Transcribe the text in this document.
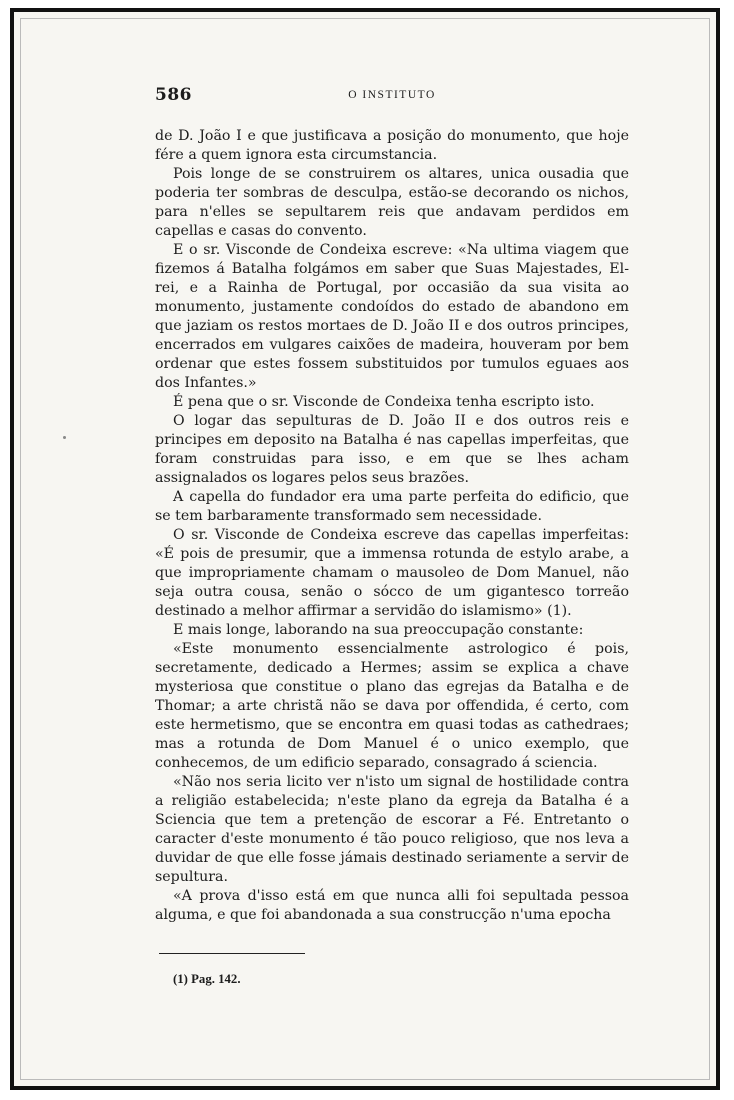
586	O INSTITUTO

de D. João I e que justificava a posição do monumento, que hoje fére a quem ignora esta circumstancia.

Pois longe de se construirem os altares, unica ousadia que poderia ter sombras de desculpa, estão-se decorando os nichos, para n'elles se sepultarem reis que andavam perdidos em capellas e casas do convento.

E o sr. Visconde de Condeixa escreve: «Na ultima viagem que fizemos á Batalha folgámos em saber que Suas Majestades, El-rei, e a Rainha de Portugal, por occasião da sua visita ao monumento, justamente condoídos do estado de abandono em que jaziam os restos mortaes de D. João II e dos outros principes, encerrados em vulgares caixões de madeira, houveram por bem ordenar que estes fossem substituidos por tumulos eguaes aos dos Infantes.»

É pena que o sr. Visconde de Condeixa tenha escripto isto.

O logar das sepulturas de D. João II e dos outros reis e principes em deposito na Batalha é nas capellas imperfeitas, que foram construidas para isso, e em que se lhes acham assignalados os logares pelos seus brazões.

A capella do fundador era uma parte perfeita do edificio, que se tem barbaramente transformado sem necessidade.

O sr. Visconde de Condeixa escreve das capellas imperfeitas: «É pois de presumir, que a immensa rotunda de estylo arabe, a que impropriamente chamam o mausoleo de Dom Manuel, não seja outra cousa, senão o sócco de um gigantesco torreão destinado a melhor affirmar a servidão do islamismo» (1).

E mais longe, laborando na sua preoccupação constante:

«Este monumento essencialmente astrologico é pois, secretamente, dedicado a Hermes; assim se explica a chave mysteriosa que constitue o plano das egrejas da Batalha e de Thomar; a arte christã não se dava por offendida, é certo, com este hermetismo, que se encontra em quasi todas as cathedraes; mas a rotunda de Dom Manuel é o unico exemplo, que conhecemos, de um edificio separado, consagrado á sciencia.

«Não nos seria licito ver n'isto um signal de hostilidade contra a religião estabelecida; n'este plano da egreja da Batalha é a Sciencia que tem a pretenção de escorar a Fé. Entretanto o caracter d'este monumento é tão pouco religioso, que nos leva a duvidar de que elle fosse jámais destinado seriamente a servir de sepultura.

«A prova d'isso está em que nunca alli foi sepultada pessoa alguma, e que foi abandonada a sua construcção n'uma epocha

(1) Pag. 142.
